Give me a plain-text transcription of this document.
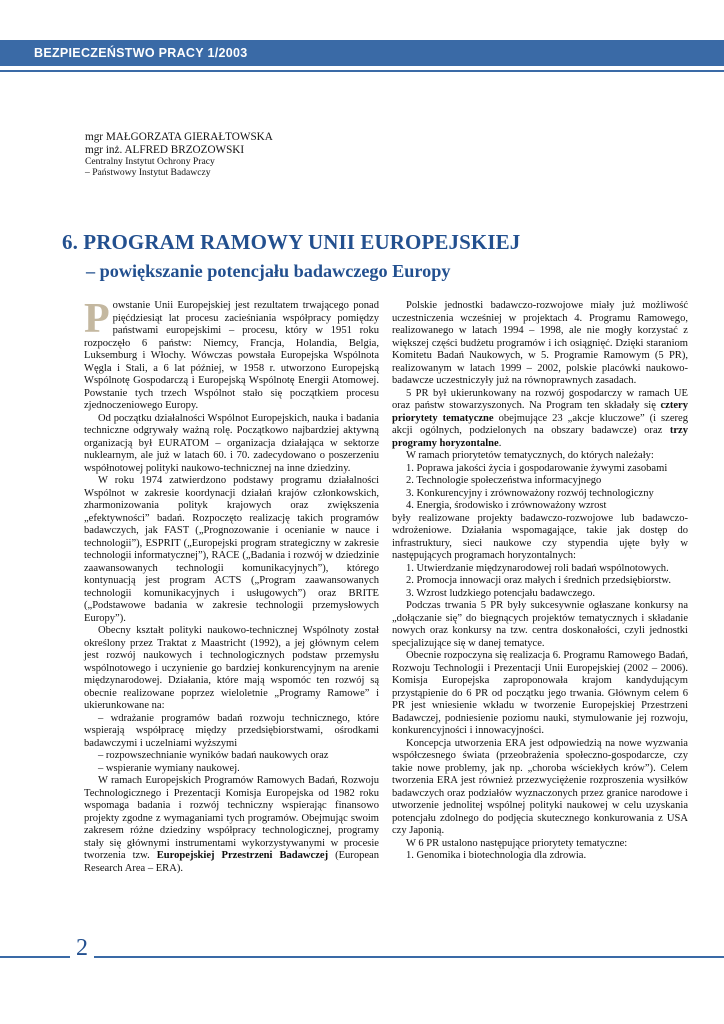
BEZPIECZEŃSTWO PRACY 1/2003
mgr MAŁGORZATA GIERAŁTOWSKA
mgr inż. ALFRED BRZOZOWSKI
Centralny Instytut Ochrony Pracy
– Państwowy Instytut Badawczy
6. PROGRAM RAMOWY UNII EUROPEJSKIEJ
– powiększanie potencjału badawczego Europy

Powstanie Unii Europejskiej jest rezultatem trwającego ponad pięćdziesiąt lat procesu zacieśniania współpracy pomiędzy państwami europejskimi – procesu, który w 1951 roku rozpoczęło 6 państw: Niemcy, Francja, Holandia, Belgia, Luksemburg i Włochy. Wówczas powstała Europejska Wspólnota Węgla i Stali, a 6 lat później, w 1958 r. utworzono Europejską Wspólnotę Gospodarczą i Europejską Wspólnotę Energii Atomowej. Powstanie tych trzech Wspólnot stało się początkiem procesu zjednoczeniowego Europy.

Od początku działalności Wspólnot Europejskich, nauka i badania techniczne odgrywały ważną rolę. Początkowo najbardziej aktywną organizacją był EURATOM – organizacja działająca w sektorze nuklearnym, ale już w latach 60. i 70. zadecydowano o poszerzeniu współnotowej polityki naukowo-technicznej na inne dziedziny.

W roku 1974 zatwierdzono podstawy programu działalności Wspólnot w zakresie koordynacji działań krajów członkowskich, zharmonizowania polityk krajowych oraz zwiększenia „efektywności” badań. Rozpoczęto realizację takich programów badawczych, jak FAST („Prognozowanie i ocenianie w nauce i technologii”), ESPRIT („Europejski program strategiczny w zakresie technologii informatycznej”), RACE („Badania i rozwój w dziedzinie zaawansowanych technologii komunikacyjnych”), którego kontynuacją jest program ACTS („Program zaawansowanych technologii komunikacyjnych i usługowych”) oraz BRITE („Podstawowe badania w zakresie technologii przemysłowych Europy”).

Obecny kształt polityki naukowo-technicznej Wspólnoty został określony przez Traktat z Maastricht (1992), a jej głównym celem jest rozwój naukowych i technologicznych podstaw przemysłu wspólnotowego i uczynienie go bardziej konkurencyjnym na arenie międzynarodowej. Działania, które mają wspomóc ten rozwój są obecnie realizowane poprzez wieloletnie „Programy Ramowe” i ukierunkowane na:

– wdrażanie programów badań rozwoju technicznego, które wspierają współpracę między przedsiębiorstwami, ośrodkami badawczymi i uczelniami wyższymi

– rozpowszechnianie wyników badań naukowych oraz

– wspieranie wymiany naukowej.

W ramach Europejskich Programów Ramowych Badań, Rozwoju Technologicznego i Prezentacji Komisja Europejska od 1982 roku wspomaga badania i rozwój techniczny wspierając finansowo projekty zgodne z wymaganiami tych programów. Obejmując swoim zakresem różne dziedziny współpracy technologicznej, programy stały się głównymi instrumentami wykorzystywanymi w procesie tworzenia tzw. Europejskiej Przestrzeni Badawczej (European Research Area – ERA).

Polskie jednostki badawczo-rozwojowe miały już możliwość uczestniczenia wcześniej w projektach 4. Programu Ramowego, realizowanego w latach 1994 – 1998, ale nie mogły korzystać z większej części budżetu programów i ich osiągnięć. Dzięki staraniom Komitetu Badań Naukowych, w 5. Programie Ramowym (5 PR), realizowanym w latach 1999 – 2002, polskie placówki naukowo-badawcze uczestniczyły już na równoprawnych zasadach.

5 PR był ukierunkowany na rozwój gospodarczy w ramach UE oraz państw stowarzyszonych. Na Program ten składały się cztery priorytety tematyczne obejmujące 23 „akcje kluczowe” (i szereg akcji ogólnych, podzielonych na obszary badawcze) oraz trzy programy horyzontalne.

W ramach priorytetów tematycznych, do których należały:

1. Poprawa jakości życia i gospodarowanie żywymi zasobami

2. Technologie społeczeństwa informacyjnego

3. Konkurencyjny i zrównoważony rozwój technologiczny

4. Energia, środowisko i zrównoważony wzrost

były realizowane projekty badawczo-rozwojowe lub badawczo-wdrożeniowe. Działania wspomagające, takie jak dostęp do infrastruktury, sieci naukowe czy stypendia ujęte były w następujących programach horyzontalnych:

1. Utwierdzanie międzynarodowej roli badań wspólnotowych.

2. Promocja innowacji oraz małych i średnich przedsiębiorstw.

3. Wzrost ludzkiego potencjału badawczego.

Podczas trwania 5 PR były sukcesywnie ogłaszane konkursy na „dołączanie się” do biegnących projektów tematycznych i składanie nowych oraz konkursy na tzw. centra doskonałości, czyli jednostki specjalizujące się w danej tematyce.

Obecnie rozpoczyna się realizacja 6. Programu Ramowego Badań, Rozwoju Technologii i Prezentacji Unii Europejskiej (2002 – 2006). Komisja Europejska zaproponowała krajom kandydującym przystąpienie do 6 PR od początku jego trwania. Głównym celem 6 PR jest wniesienie wkładu w tworzenie Europejskiej Przestrzeni Badawczej, podniesienie poziomu nauki, stymulowanie jej rozwoju, konkurencyjności i innowacyjności.

Koncepcja utworzenia ERA jest odpowiedzią na nowe wyzwania współczesnego świata (przeobrażenia społeczno-gospodarcze, czy takie nowe problemy, jak np. „choroba wściekłych krów”). Celem tworzenia ERA jest również przezwyciężenie rozproszenia wysiłków badawczych oraz podziałów wyznaczonych przez granice narodowe i utworzenie jednolitej wspólnej polityki naukowej w celu uzyskania potencjału zdolnego do podjęcia skutecznego konkurowania z USA czy Japonią.

W 6 PR ustalono następujące priorytety tematyczne:

1. Genomika i biotechnologia dla zdrowia.

2
